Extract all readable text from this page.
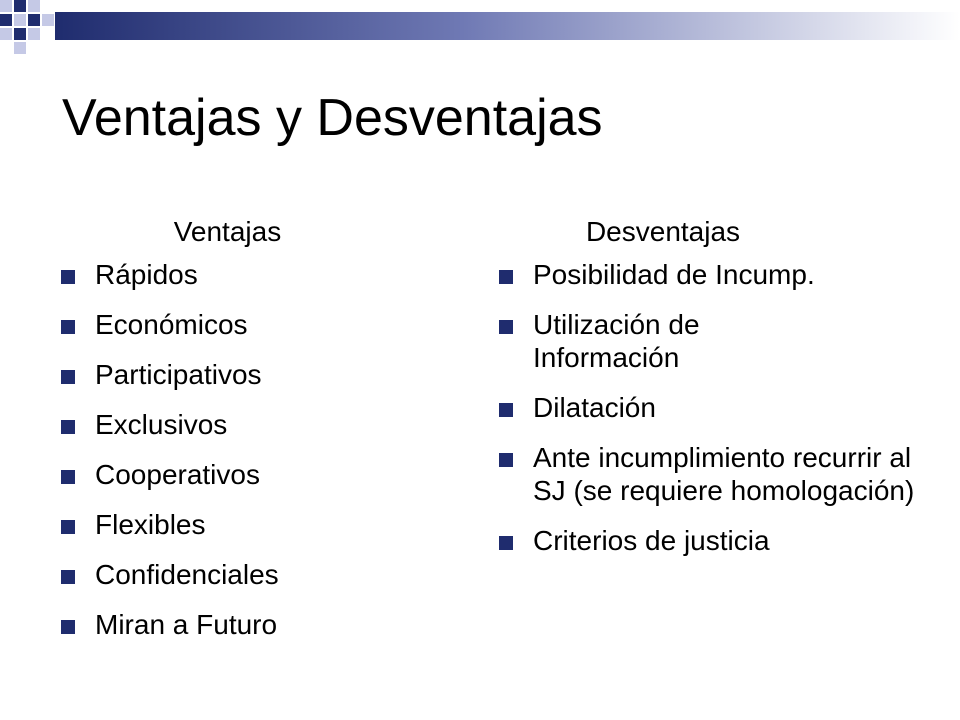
Ventajas y Desventajas
Ventajas
Rápidos
Económicos
Participativos
Exclusivos
Cooperativos
Flexibles
Confidenciales
Miran a Futuro
Desventajas
Posibilidad de Incump.
Utilización de Información
Dilatación
Ante incumplimiento recurrir al SJ (se requiere homologación)
Criterios de justicia
